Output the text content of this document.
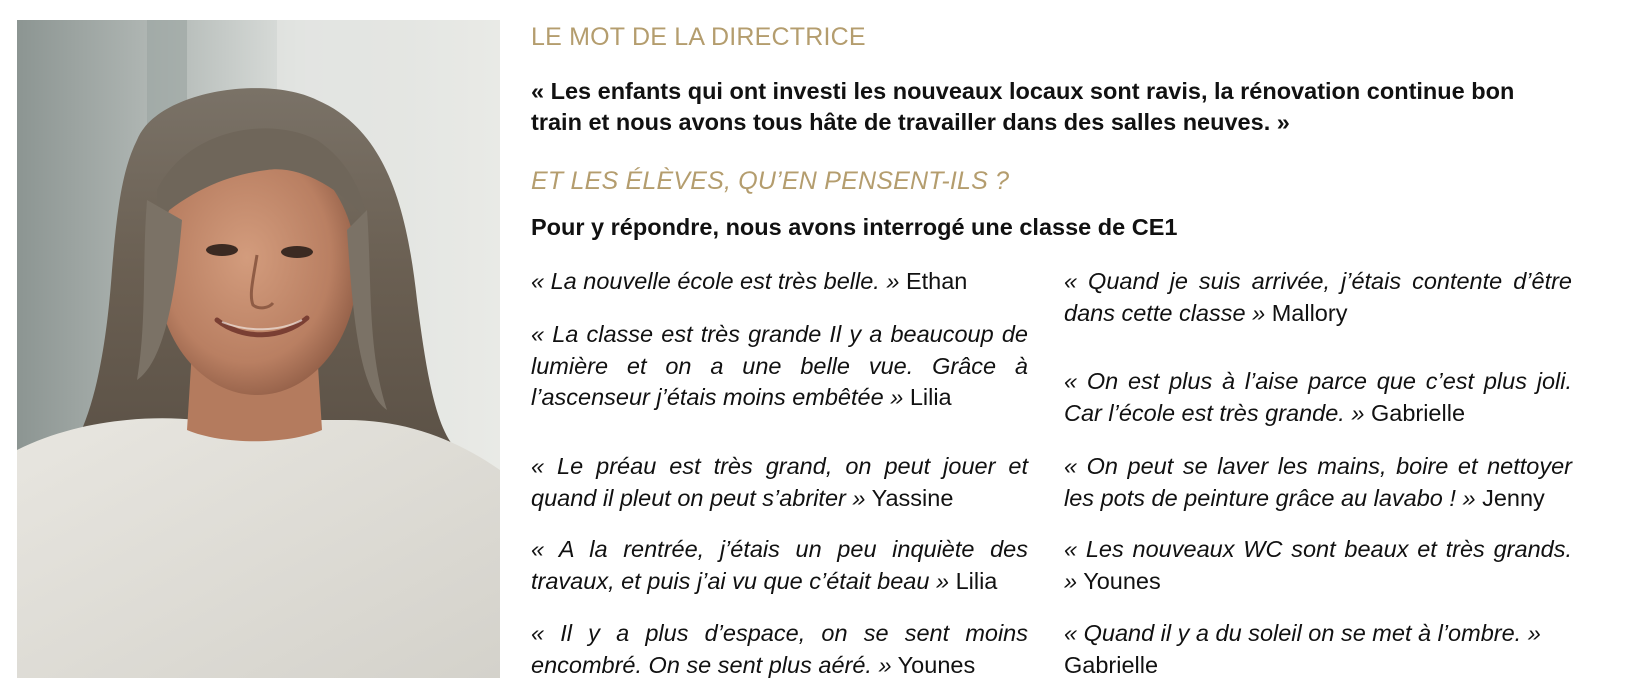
LE MOT DE LA DIRECTRICE

« Les enfants qui ont investi les nouveaux locaux sont ravis, la rénovation continue bon train et nous avons tous hâte de travailler dans des salles neuves. »

ET LES ÉLÈVES, QU’EN PENSENT-ILS ?

Pour y répondre, nous avons interrogé une classe de CE1

« La nouvelle école est très belle. » Ethan

« La classe est très grande Il y a beaucoup de lumière et on a une belle vue. Grâce à l’ascenseur j’étais moins embêtée » Lilia

« Le préau est très grand, on peut jouer et quand il pleut on peut s’abriter » Yassine

« A la rentrée, j’étais un peu inquiète des travaux, et puis j’ai vu que c’était beau » Lilia

« Il y a plus d’espace, on se sent moins encombré. On se sent plus aéré. » Younes

« Quand je suis arrivée, j’étais contente d’être dans cette classe » Mallory

« On est plus à l’aise parce que c’est plus joli. Car l’école est très grande. » Gabrielle

« On peut se laver les mains, boire et nettoyer les pots de peinture grâce au lavabo ! » Jenny

« Les nouveaux WC sont beaux et très grands. » Younes

« Quand il y a du soleil on se met à l’ombre. »
Gabrielle
